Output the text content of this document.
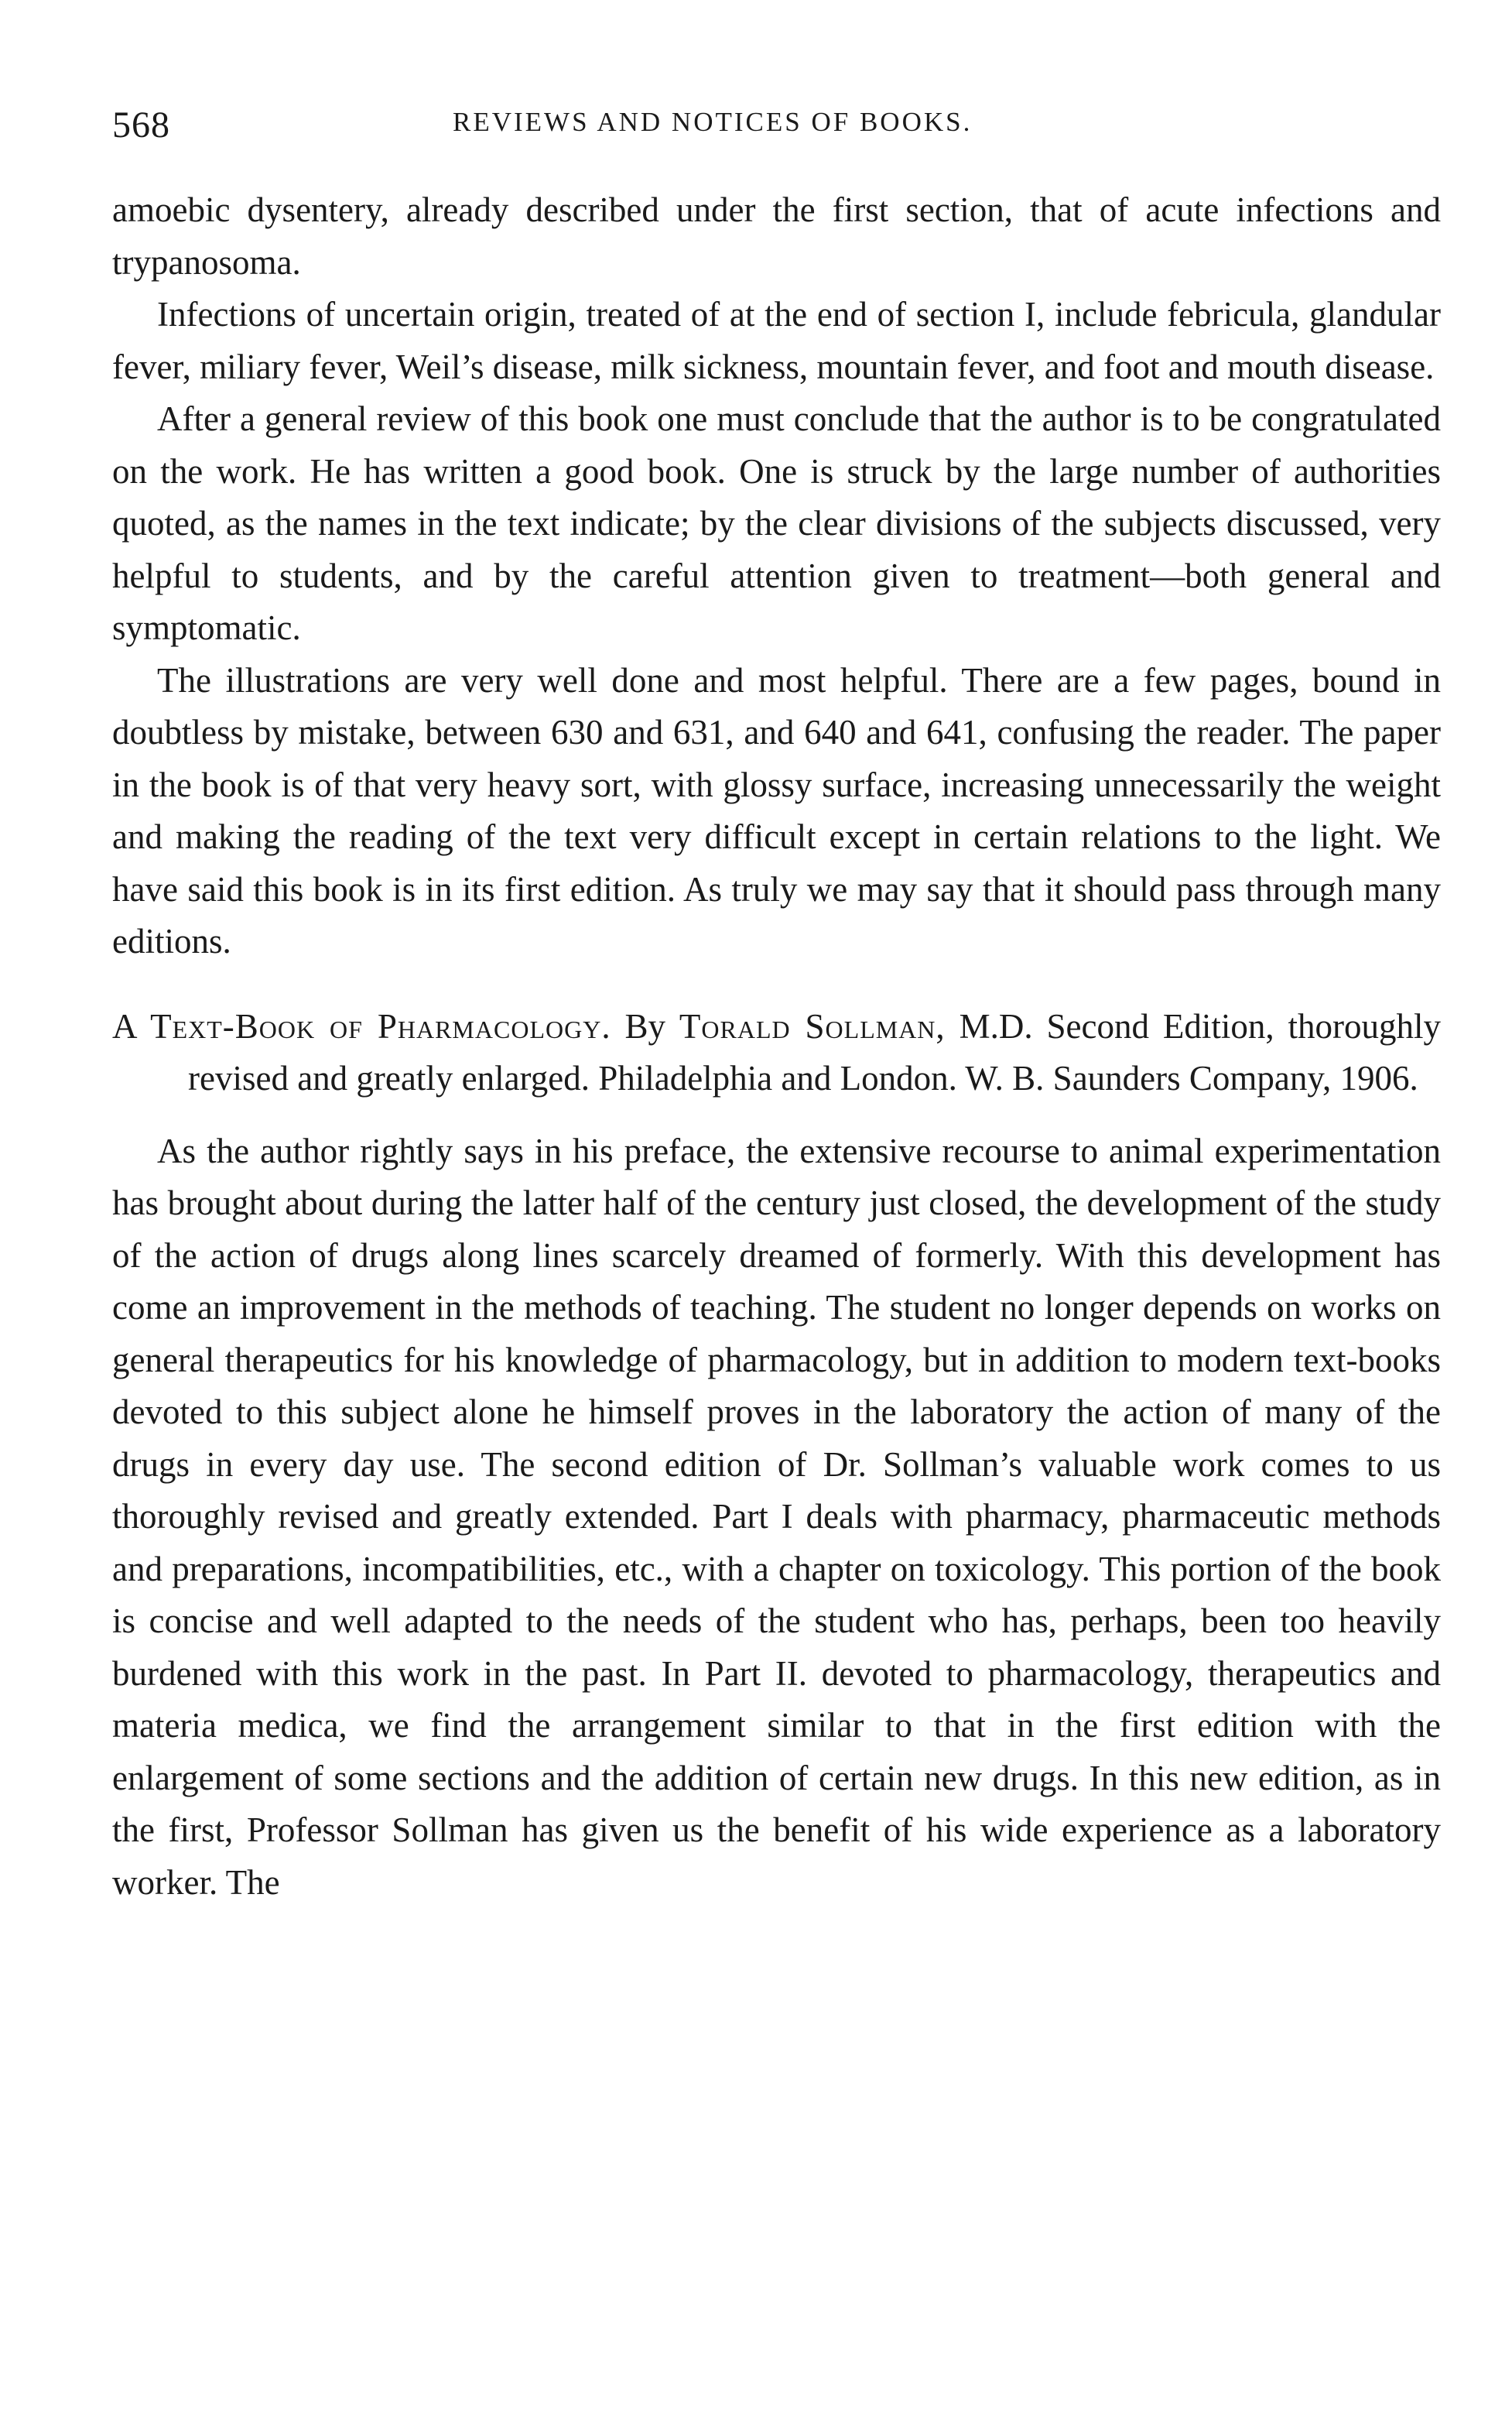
568	REVIEWS AND NOTICES OF BOOKS.

amoebic dysentery, already described under the first section, that of acute infections and trypanosoma.

Infections of uncertain origin, treated of at the end of section I, include febricula, glandular fever, miliary fever, Weil’s disease, milk sickness, mountain fever, and foot and mouth disease.

After a general review of this book one must conclude that the author is to be congratulated on the work. He has written a good book. One is struck by the large number of authorities quoted, as the names in the text indicate; by the clear divisions of the subjects discussed, very helpful to students, and by the careful attention given to treatment—both general and symptomatic.

The illustrations are very well done and most helpful. There are a few pages, bound in doubtless by mistake, between 630 and 631, and 640 and 641, confusing the reader. The paper in the book is of that very heavy sort, with glossy surface, increasing unnecessarily the weight and making the reading of the text very difficult except in certain relations to the light. We have said this book is in its first edition. As truly we may say that it should pass through many editions.

A Text-Book of Pharmacology. By Torald Sollman, M.D. Second Edition, thoroughly revised and greatly enlarged. Philadelphia and London. W. B. Saunders Company, 1906.

As the author rightly says in his preface, the extensive recourse to animal experimentation has brought about during the latter half of the century just closed, the development of the study of the action of drugs along lines scarcely dreamed of formerly. With this development has come an improvement in the methods of teaching. The student no longer depends on works on general therapeutics for his knowledge of pharmacology, but in addition to modern text-books devoted to this subject alone he himself proves in the laboratory the action of many of the drugs in every day use. The second edition of Dr. Sollman’s valuable work comes to us thoroughly revised and greatly extended. Part I deals with pharmacy, pharmaceutic methods and preparations, incompatibilities, etc., with a chapter on toxicology. This portion of the book is concise and well adapted to the needs of the student who has, perhaps, been too heavily burdened with this work in the past. In Part II. devoted to pharmacology, therapeutics and materia medica, we find the arrangement similar to that in the first edition with the enlargement of some sections and the addition of certain new drugs. In this new edition, as in the first, Professor Sollman has given us the benefit of his wide experience as a laboratory worker. The
